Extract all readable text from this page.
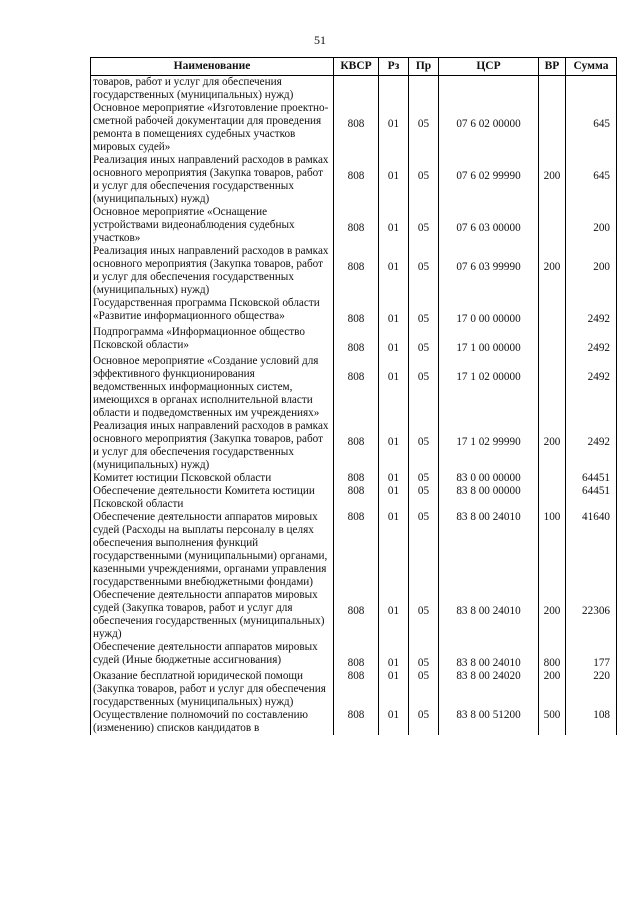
51
Наименование	КВСР	Рз	Пр	ЦСР	ВР	Сумма
товаров, работ и услуг для обеспечения государственных (муниципальных) нужд)						
Основное мероприятие «Изготовление проектно-сметной рабочей документации для проведения ремонта в помещениях судебных участков мировых судей»	808	01	05	07 6 02 00000		645
Реализация иных направлений расходов в рамках основного мероприятия (Закупка товаров, работ и услуг для обеспечения государственных (муниципальных) нужд)	808	01	05	07 6 02 99990	200	645
Основное мероприятие «Оснащение устройствами видеонаблюдения судебных участков»	808	01	05	07 6 03 00000		200
Реализация иных направлений расходов в рамках основного мероприятия (Закупка товаров, работ и услуг для обеспечения государственных (муниципальных) нужд)	808	01	05	07 6 03 99990	200	200
Государственная программа Псковской области «Развитие информационного общества»	808	01	05	17 0 00 00000		2492
Подпрограмма «Информационное общество Псковской области»	808	01	05	17 1 00 00000		2492
Основное мероприятие «Создание условий для эффективного функционирования ведомственных информационных систем, имеющихся в органах исполнительной власти области и подведомственных им учреждениях»	808	01	05	17 1 02 00000		2492
Реализация иных направлений расходов в рамках основного мероприятия (Закупка товаров, работ и услуг для обеспечения государственных (муниципальных) нужд)	808	01	05	17 1 02 99990	200	2492
Комитет юстиции Псковской области	808	01	05	83 0 00 00000		64451
Обеспечение деятельности Комитета юстиции Псковской области	808	01	05	83 8 00 00000		64451
Обеспечение деятельности аппаратов мировых судей (Расходы на выплаты персоналу в целях обеспечения выполнения функций государственными (муниципальными) органами, казенными учреждениями, органами управления государственными внебюджетными фондами)	808	01	05	83 8 00 24010	100	41640
Обеспечение деятельности аппаратов мировых судей (Закупка товаров, работ и услуг для обеспечения государственных (муниципальных) нужд)	808	01	05	83 8 00 24010	200	22306
Обеспечение деятельности аппаратов мировых судей (Иные бюджетные ассигнования)	808	01	05	83 8 00 24010	800	177
Оказание бесплатной юридической помощи (Закупка товаров, работ и услуг для обеспечения государственных (муниципальных) нужд)	808	01	05	83 8 00 24020	200	220
Осуществление полномочий по составлению (изменению) списков кандидатов в	808	01	05	83 8 00 51200	500	108
